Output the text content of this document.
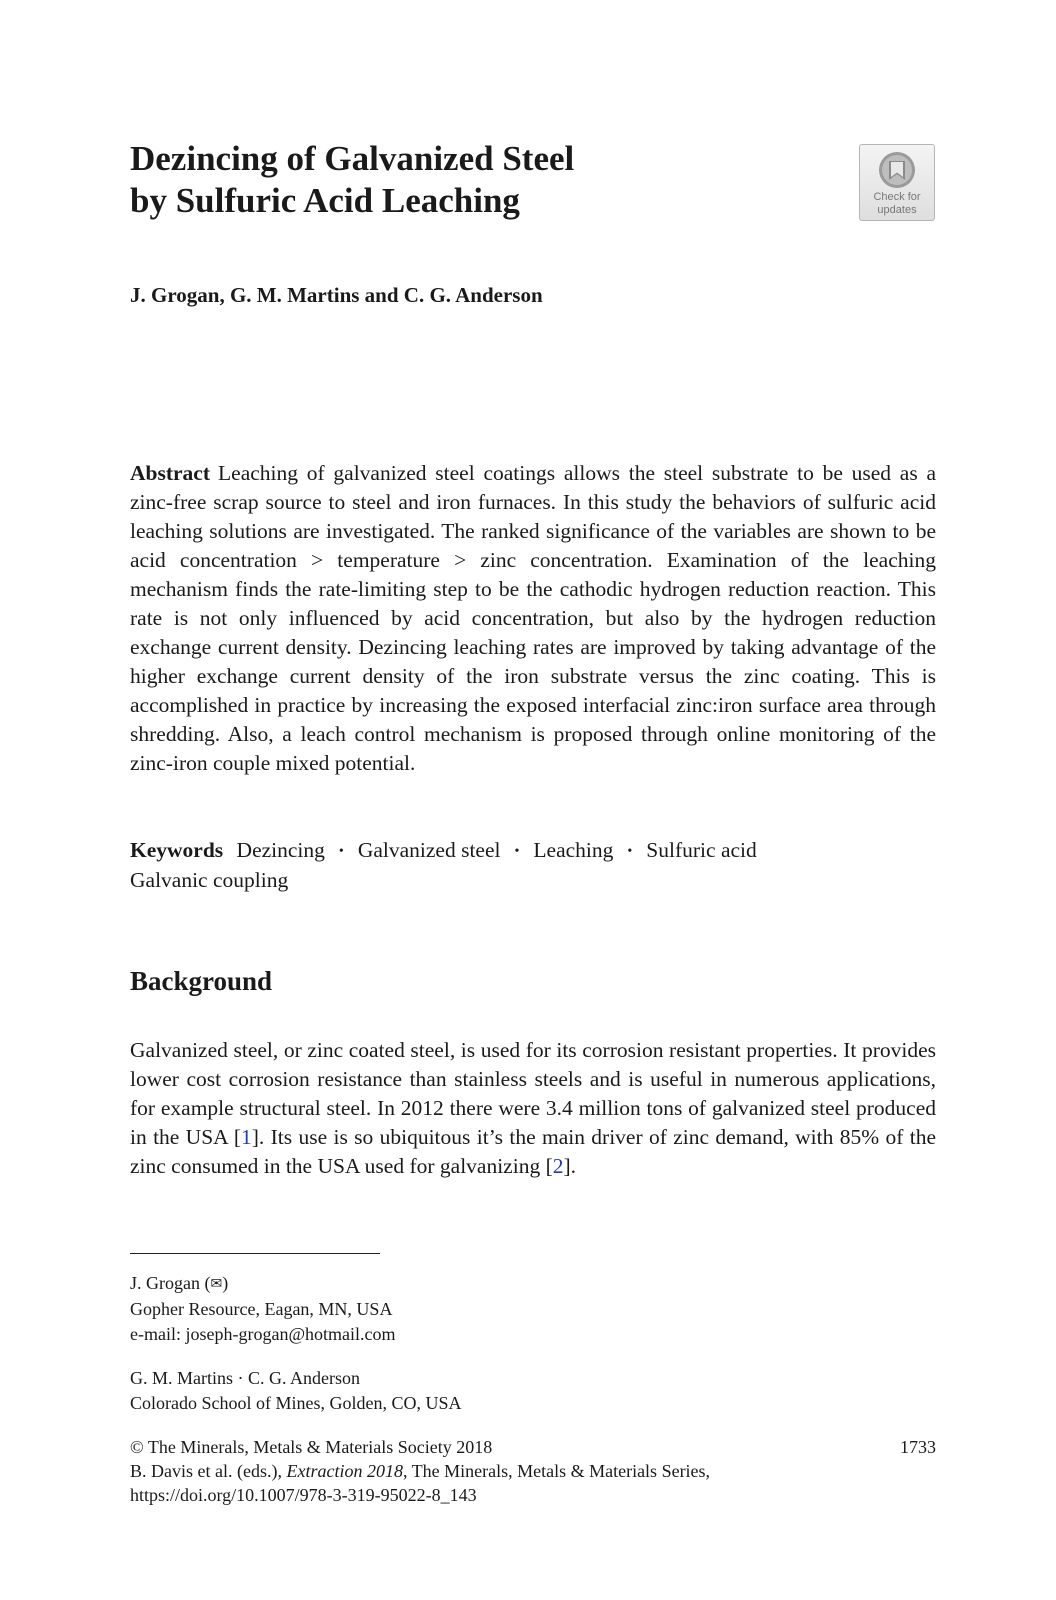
Dezincing of Galvanized Steel
by Sulfuric Acid Leaching	Check for
updates

J. Grogan, G. M. Martins and C. G. Anderson

Abstract Leaching of galvanized steel coatings allows the steel substrate to be used as a zinc-free scrap source to steel and iron furnaces. In this study the behaviors of sulfuric acid leaching solutions are investigated. The ranked significance of the variables are shown to be acid concentration > temperature > zinc concentration. Examination of the leaching mechanism finds the rate-limiting step to be the cathodic hydrogen reduction reaction. This rate is not only influenced by acid concentration, but also by the hydrogen reduction exchange current density. Dezincing leaching rates are improved by taking advantage of the higher exchange current density of the iron substrate versus the zinc coating. This is accomplished in practice by increasing the exposed interfacial zinc:iron surface area through shredding. Also, a leach control mechanism is proposed through online monitoring of the zinc-iron couple mixed potential.

Keywords Dezincing • Galvanized steel • Leaching • Sulfuric acid
Galvanic coupling
Background

Galvanized steel, or zinc coated steel, is used for its corrosion resistant properties. It provides lower cost corrosion resistance than stainless steels and is useful in numerous applications, for example structural steel. In 2012 there were 3.4 million tons of galvanized steel produced in the USA [1]. Its use is so ubiquitous it’s the main driver of zinc demand, with 85% of the zinc consumed in the USA used for galvanizing [2].

J. Grogan (✉)
Gopher Resource, Eagan, MN, USA
e-mail: joseph-grogan@hotmail.com

G. M. Martins · C. G. Anderson
Colorado School of Mines, Golden, CO, USA

© The Minerals, Metals & Materials Society 2018
B. Davis et al. (eds.), Extraction 2018, The Minerals, Metals & Materials Series,
https://doi.org/10.1007/978-3-319-95022-8_143

1733
